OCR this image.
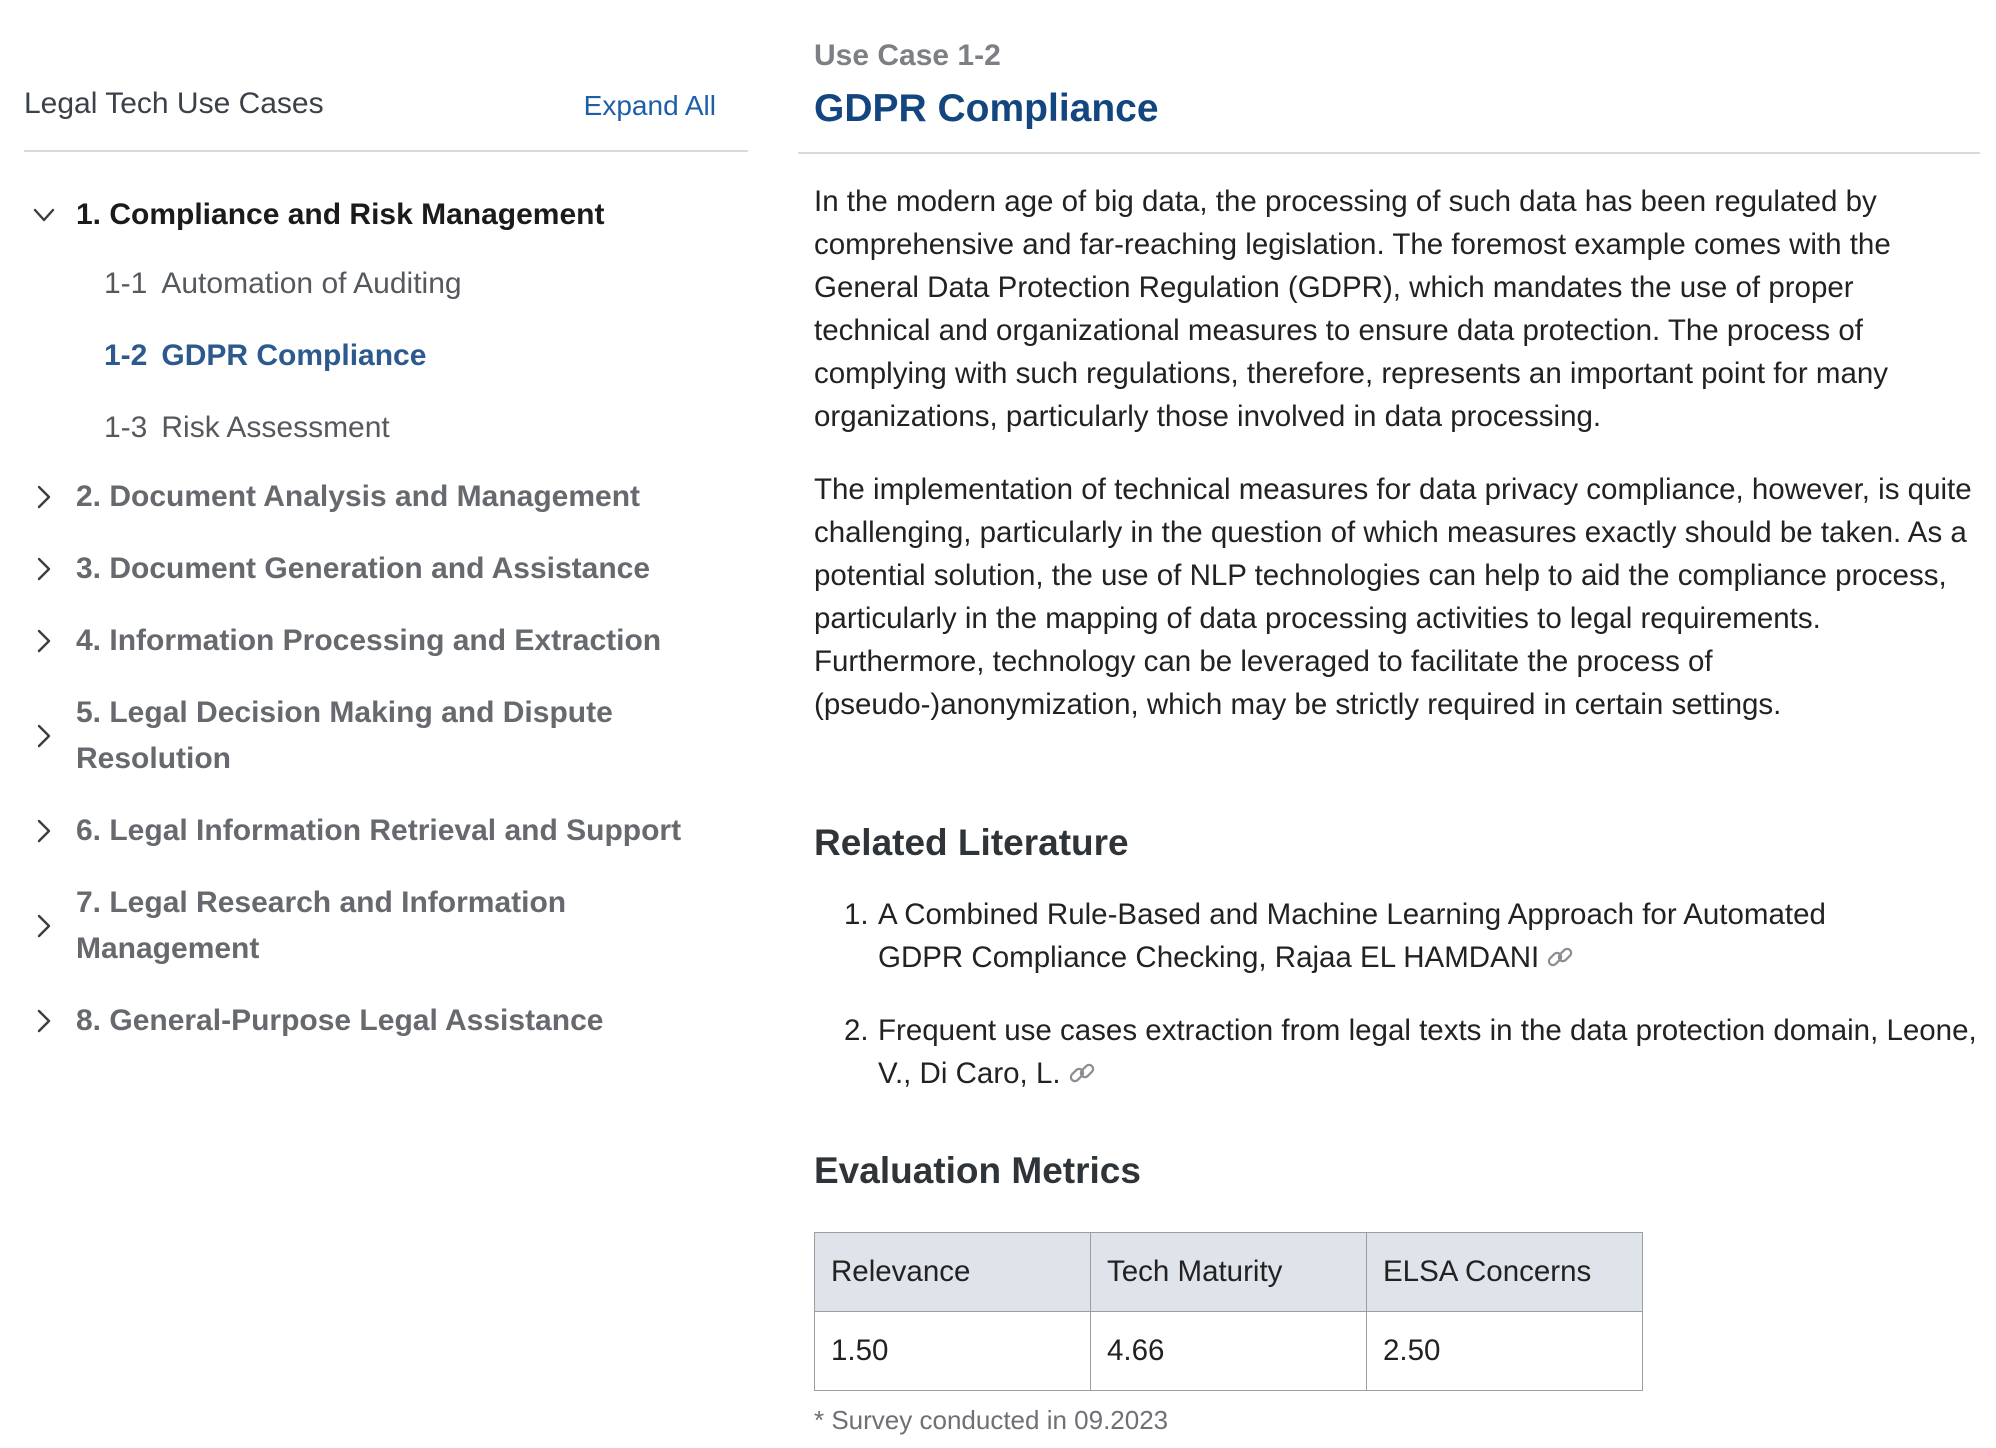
Legal Tech Use Cases	Expand All
1. Compliance and Risk Management
1-1 Automation of Auditing
1-2 GDPR Compliance
1-3 Risk Assessment
2. Document Analysis and Management
3. Document Generation and Assistance
4. Information Processing and Extraction
5. Legal Decision Making and Dispute Resolution
6. Legal Information Retrieval and Support
7. Legal Research and Information Management
8. General-Purpose Legal Assistance
Use Case 1-2
GDPR Compliance

In the modern age of big data, the processing of such data has been regulated by comprehensive and far-reaching legislation. The foremost example comes with the General Data Protection Regulation (GDPR), which mandates the use of proper technical and organizational measures to ensure data protection. The process of complying with such regulations, therefore, represents an important point for many organizations, particularly those involved in data processing.

The implementation of technical measures for data privacy compliance, however, is quite challenging, particularly in the question of which measures exactly should be taken. As a potential solution, the use of NLP technologies can help to aid the compliance process, particularly in the mapping of data processing activities to legal requirements. Furthermore, technology can be leveraged to facilitate the process of (pseudo-)anonymization, which may be strictly required in certain settings.

Related Literature
1. A Combined Rule-Based and Machine Learning Approach for Automated GDPR Compliance Checking, Rajaa EL HAMDANI
2. Frequent use cases extraction from legal texts in the data protection domain, Leone, V., Di Caro, L.
Evaluation Metrics
Relevance	Tech Maturity	ELSA Concerns
1.50	4.66	2.50
* Survey conducted in 09.2023
